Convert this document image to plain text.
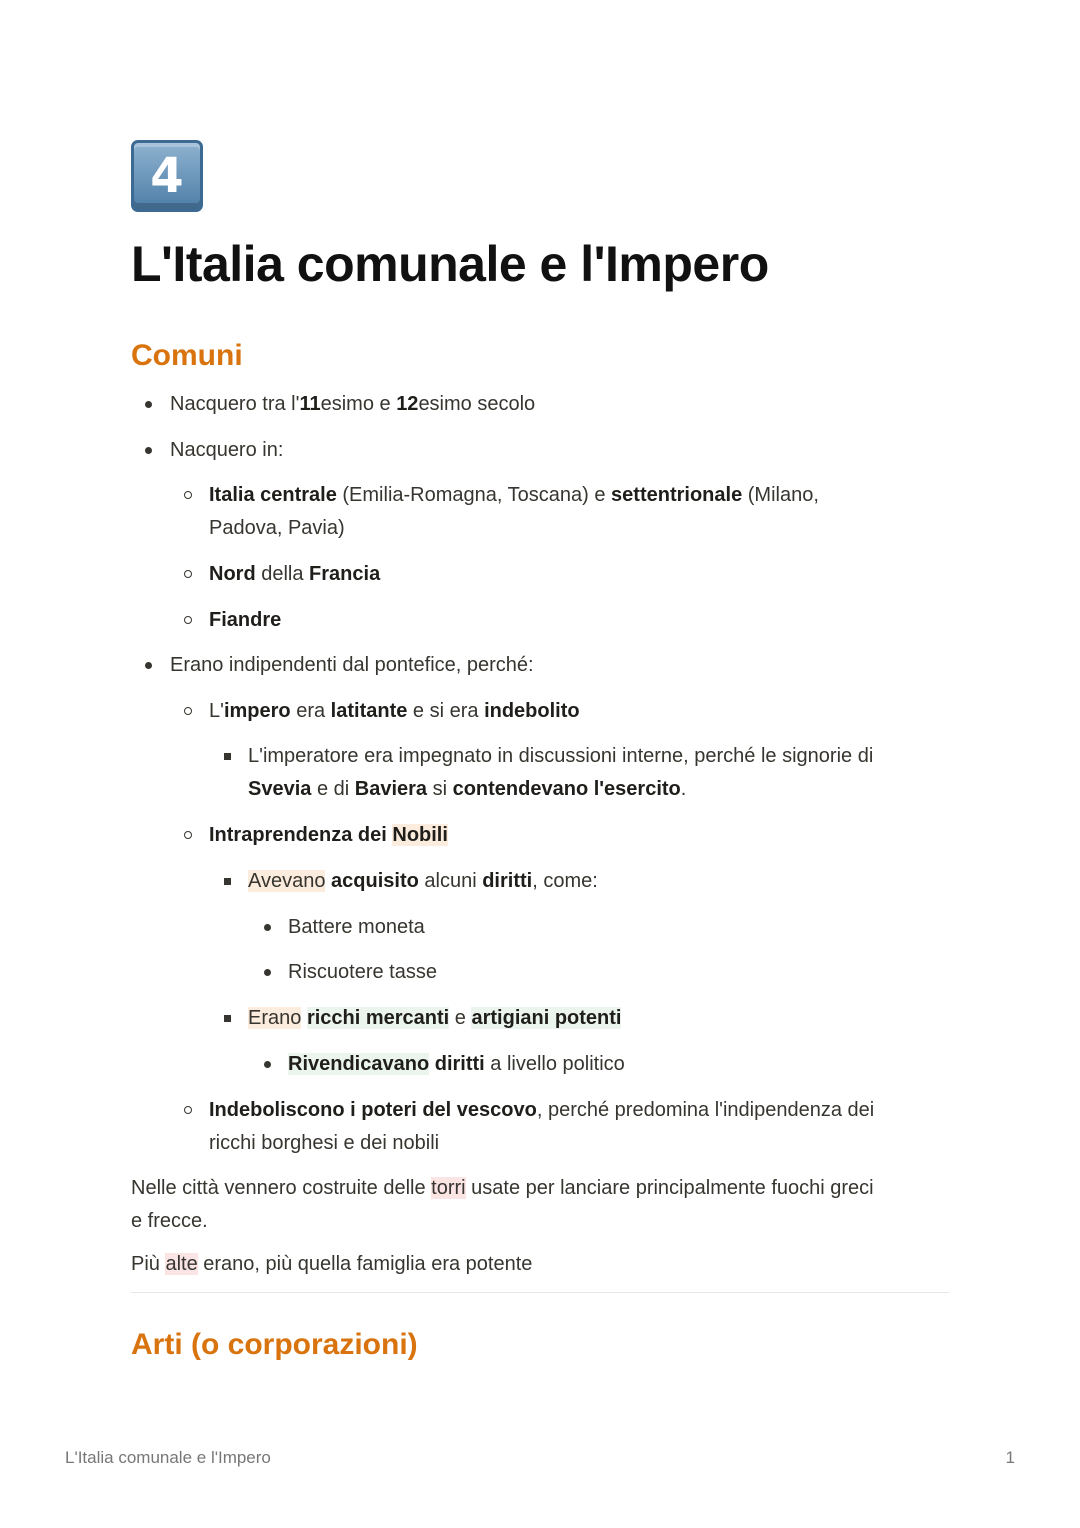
4
L'Italia comunale e l'Impero
Comuni
Nacquero tra l'11esimo e 12esimo secolo
Nacquero in:
Italia centrale (Emilia-Romagna, Toscana) e settentrionale (Milano,
Padova, Pavia)
Nord della Francia
Fiandre
Erano indipendenti dal pontefice, perché:
L'impero era latitante e si era indebolito
L'imperatore era impegnato in discussioni interne, perché le signorie di
Svevia e di Baviera si contendevano l'esercito.
Intraprendenza dei Nobili
Avevano acquisito alcuni diritti, come:
Battere moneta
Riscuotere tasse
Erano ricchi mercanti e artigiani potenti
Rivendicavano diritti a livello politico
Indeboliscono i poteri del vescovo, perché predomina l'indipendenza dei
ricchi borghesi e dei nobili
Nelle città vennero costruite delle torri usate per lanciare principalmente fuochi greci
e frecce.
Più alte erano, più quella famiglia era potente
Arti (o corporazioni)
L'Italia comunale e l'Impero	1
